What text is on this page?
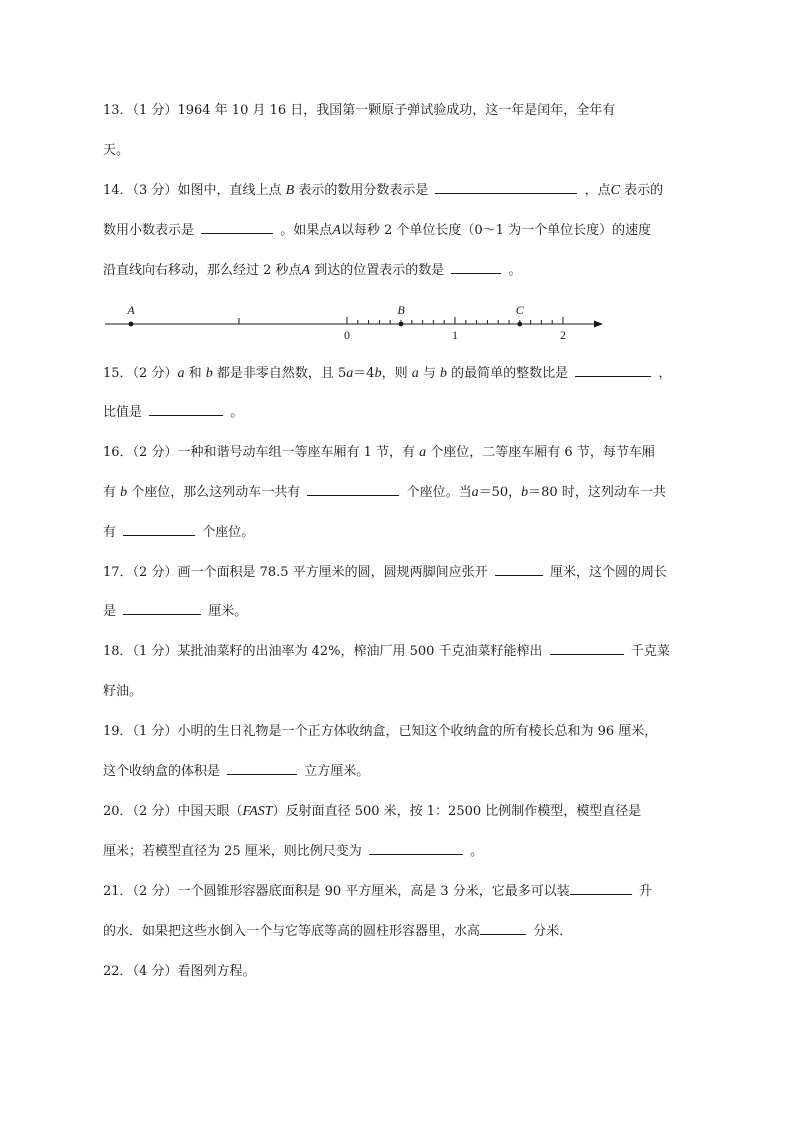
13．（1 分）1964 年 10 月 16 日，我国第一颗原子弹试验成功，这一年是闰年，全年有
天。
14．（3 分）如图中，直线上点 B 表示的数用分数表示是	，点C 表示的
数用小数表示是	。如果点A以每秒 2 个单位长度（0～1 为一个单位长度）的速度
沿直线向右移动，那么经过 2 秒点A 到达的位置表示的数是	。
A	B	C
0	1	2
15．（2 分）a 和 b 都是非零自然数，且 5a＝4b，则 a 与 b 的最简单的整数比是	，
比值是	。
16．（2 分）一种和谐号动车组一等座车厢有 1 节，有 a 个座位，二等座车厢有 6 节，每节车厢
有 b 个座位，那么这列动车一共有	个座位。当a＝50，b＝80 时，这列动车一共
有	个座位。
17．（2 分）画一个面积是 78.5 平方厘米的圆，圆规两脚间应张开	厘米，这个圆的周长
是	厘米。
18．（1 分）某批油菜籽的出油率为 42%，榨油厂用 500 千克油菜籽能榨出	千克菜
籽油。
19．（1 分）小明的生日礼物是一个正方体收纳盒，已知这个收纳盒的所有棱长总和为 96 厘米，
这个收纳盒的体积是	立方厘米。
20．（2 分）中国天眼（FAST）反射面直径 500 米，按 1：2500 比例制作模型，模型直径是
厘米；若模型直径为 25 厘米，则比例尺变为	。
21．（2 分）一个圆锥形容器底面积是 90 平方厘米，高是 3 分米，它最多可以装	升
的水．如果把这些水倒入一个与它等底等高的圆柱形容器里，水高	分米．
22．（4 分）看图列方程。
